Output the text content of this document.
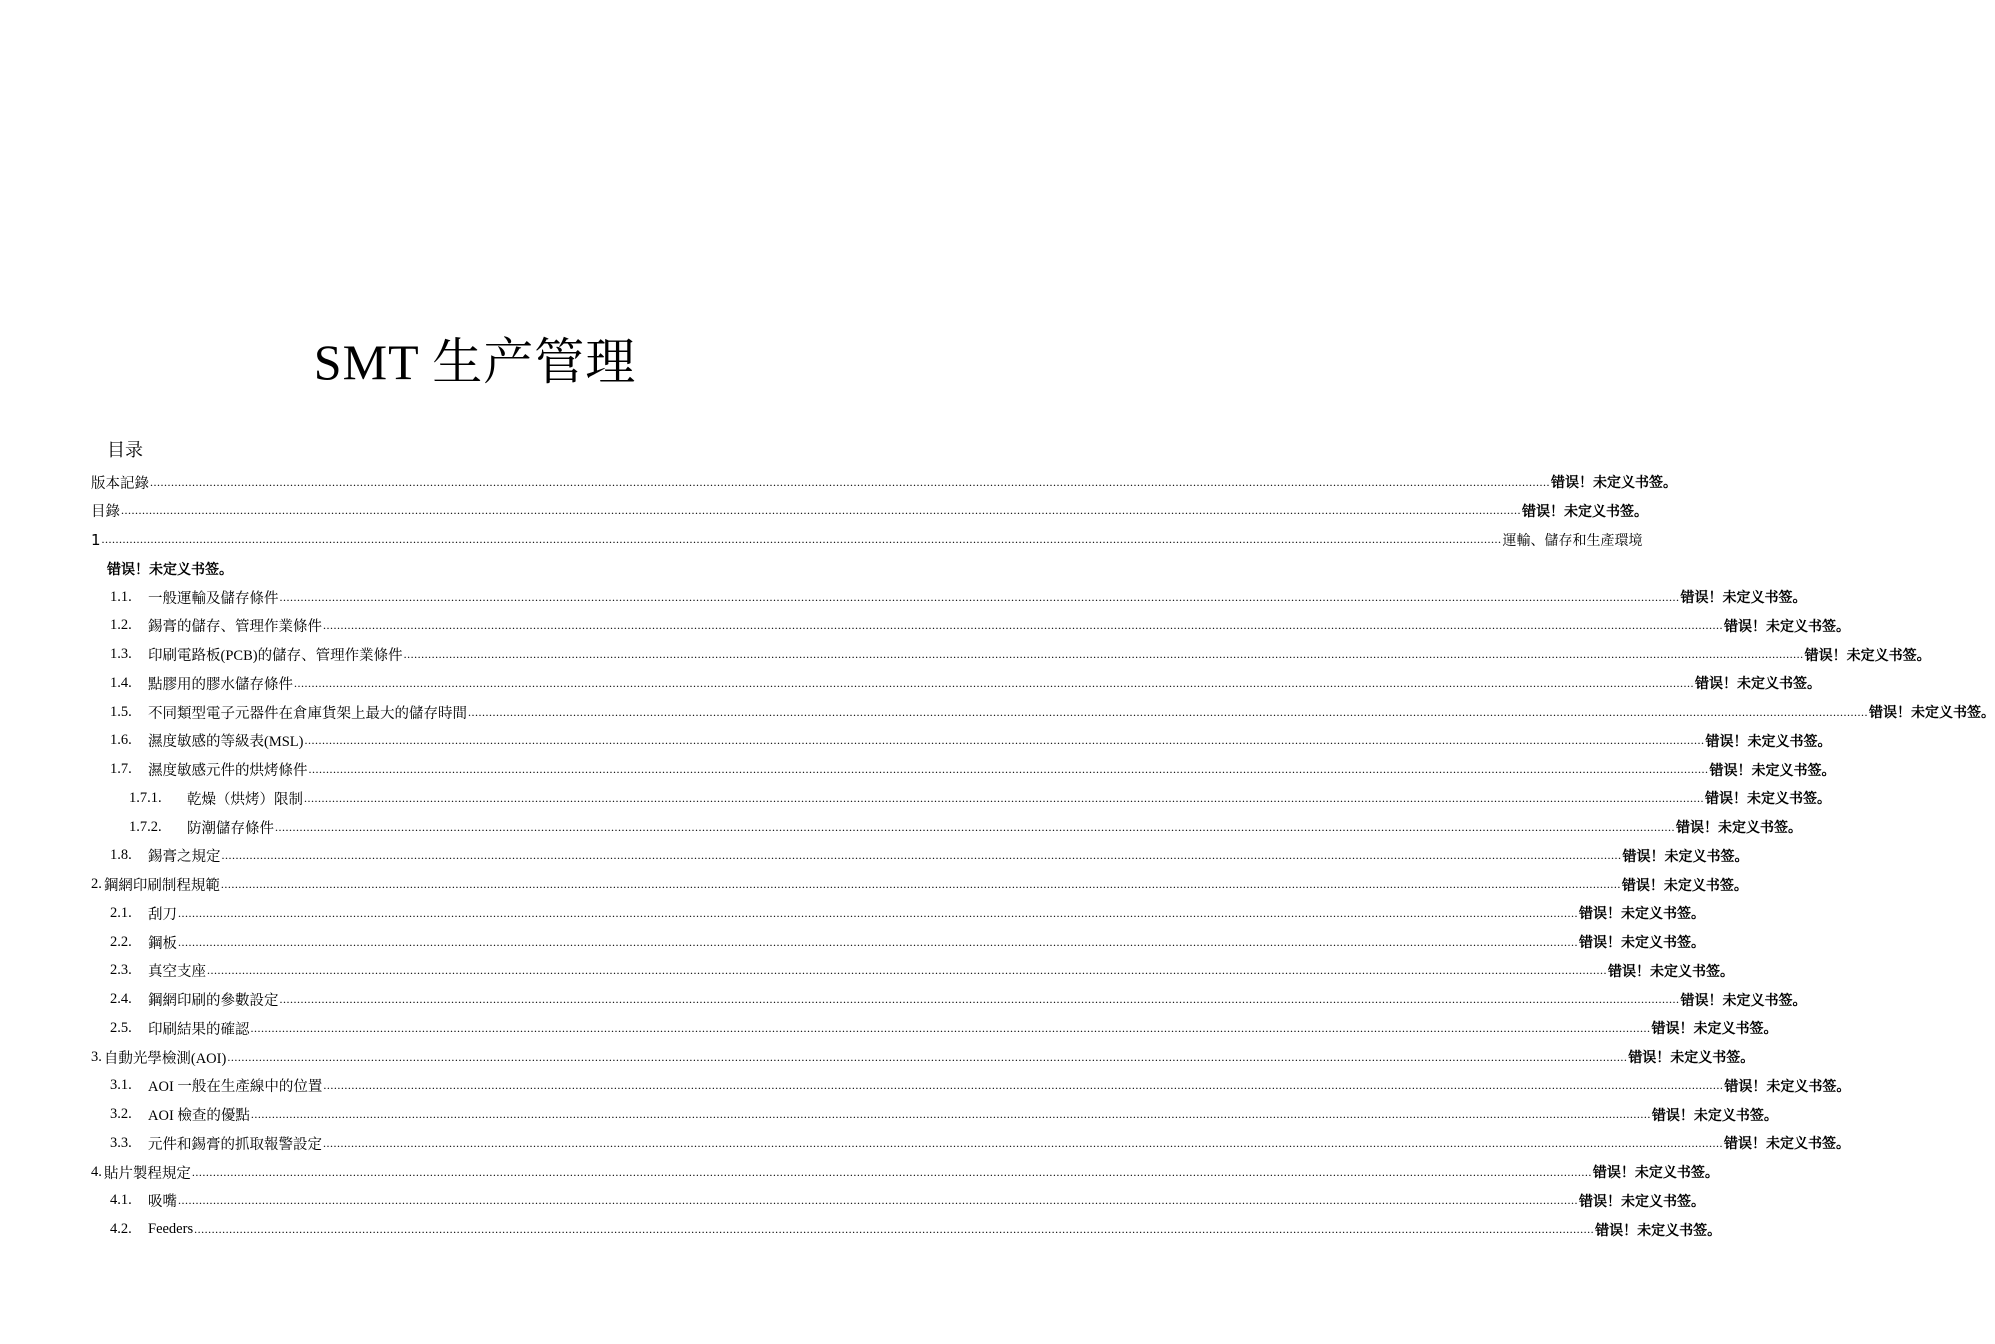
SMT 生产管理
目录
版本記錄 ................................................................................................................................................................................................................................................................................................................................................................................................................ 错误！未定义书签。
目錄 ................................................................................................................................................................................................................................................................................................................................................................................................................ 错误！未定义书签。
1 ................................................................................................................................................................................................................................................................................................................................................................................................................ 運輸、儲存和生產環境
错误！未定义书签。
1.1.	一般運輸及儲存條件 ................................................................................................................................................................................................................................................................................................................................................................................................................ 错误！未定义书签。
1.2.	錫膏的儲存、管理作業條件 ................................................................................................................................................................................................................................................................................................................................................................................................................ 错误！未定义书签。
1.3.	印刷電路板(PCB)的儲存、管理作業條件 ................................................................................................................................................................................................................................................................................................................................................................................................................ 错误！未定义书签。
1.4.	點膠用的膠水儲存條件 ................................................................................................................................................................................................................................................................................................................................................................................................................ 错误！未定义书签。
1.5.	不同類型電子元器件在倉庫貨架上最大的儲存時間 ................................................................................................................................................................................................................................................................................................................................................................................................................ 错误！未定义书签。
1.6.	濕度敏感的等級表(MSL) ................................................................................................................................................................................................................................................................................................................................................................................................................ 错误！未定义书签。
1.7.	濕度敏感元件的烘烤條件 ................................................................................................................................................................................................................................................................................................................................................................................................................ 错误！未定义书签。
1.7.1.	乾燥（烘烤）限制 ................................................................................................................................................................................................................................................................................................................................................................................................................ 错误！未定义书签。
1.7.2.	防潮儲存條件 ................................................................................................................................................................................................................................................................................................................................................................................................................ 错误！未定义书签。
1.8.	錫膏之規定 ................................................................................................................................................................................................................................................................................................................................................................................................................ 错误！未定义书签。
2. 鋼網印刷制程規範 ................................................................................................................................................................................................................................................................................................................................................................................................................ 错误！未定义书签。
2.1.	刮刀 ................................................................................................................................................................................................................................................................................................................................................................................................................ 错误！未定义书签。
2.2.	鋼板 ................................................................................................................................................................................................................................................................................................................................................................................................................ 错误！未定义书签。
2.3.	真空支座 ................................................................................................................................................................................................................................................................................................................................................................................................................ 错误！未定义书签。
2.4.	鋼網印刷的參數設定 ................................................................................................................................................................................................................................................................................................................................................................................................................ 错误！未定义书签。
2.5.	印刷結果的確認 ................................................................................................................................................................................................................................................................................................................................................................................................................ 错误！未定义书签。
3. 自動光學檢測(AOI) ................................................................................................................................................................................................................................................................................................................................................................................................................ 错误！未定义书签。
3.1.	AOI 一般在生產線中的位置 ................................................................................................................................................................................................................................................................................................................................................................................................................ 错误！未定义书签。
3.2.	AOI 檢查的優點 ................................................................................................................................................................................................................................................................................................................................................................................................................ 错误！未定义书签。
3.3.	元件和錫膏的抓取報警設定 ................................................................................................................................................................................................................................................................................................................................................................................................................ 错误！未定义书签。
4. 貼片製程規定 ................................................................................................................................................................................................................................................................................................................................................................................................................ 错误！未定义书签。
4.1.	吸嘴 ................................................................................................................................................................................................................................................................................................................................................................................................................ 错误！未定义书签。
4.2.	Feeders ................................................................................................................................................................................................................................................................................................................................................................................................................ 错误！未定义书签。
